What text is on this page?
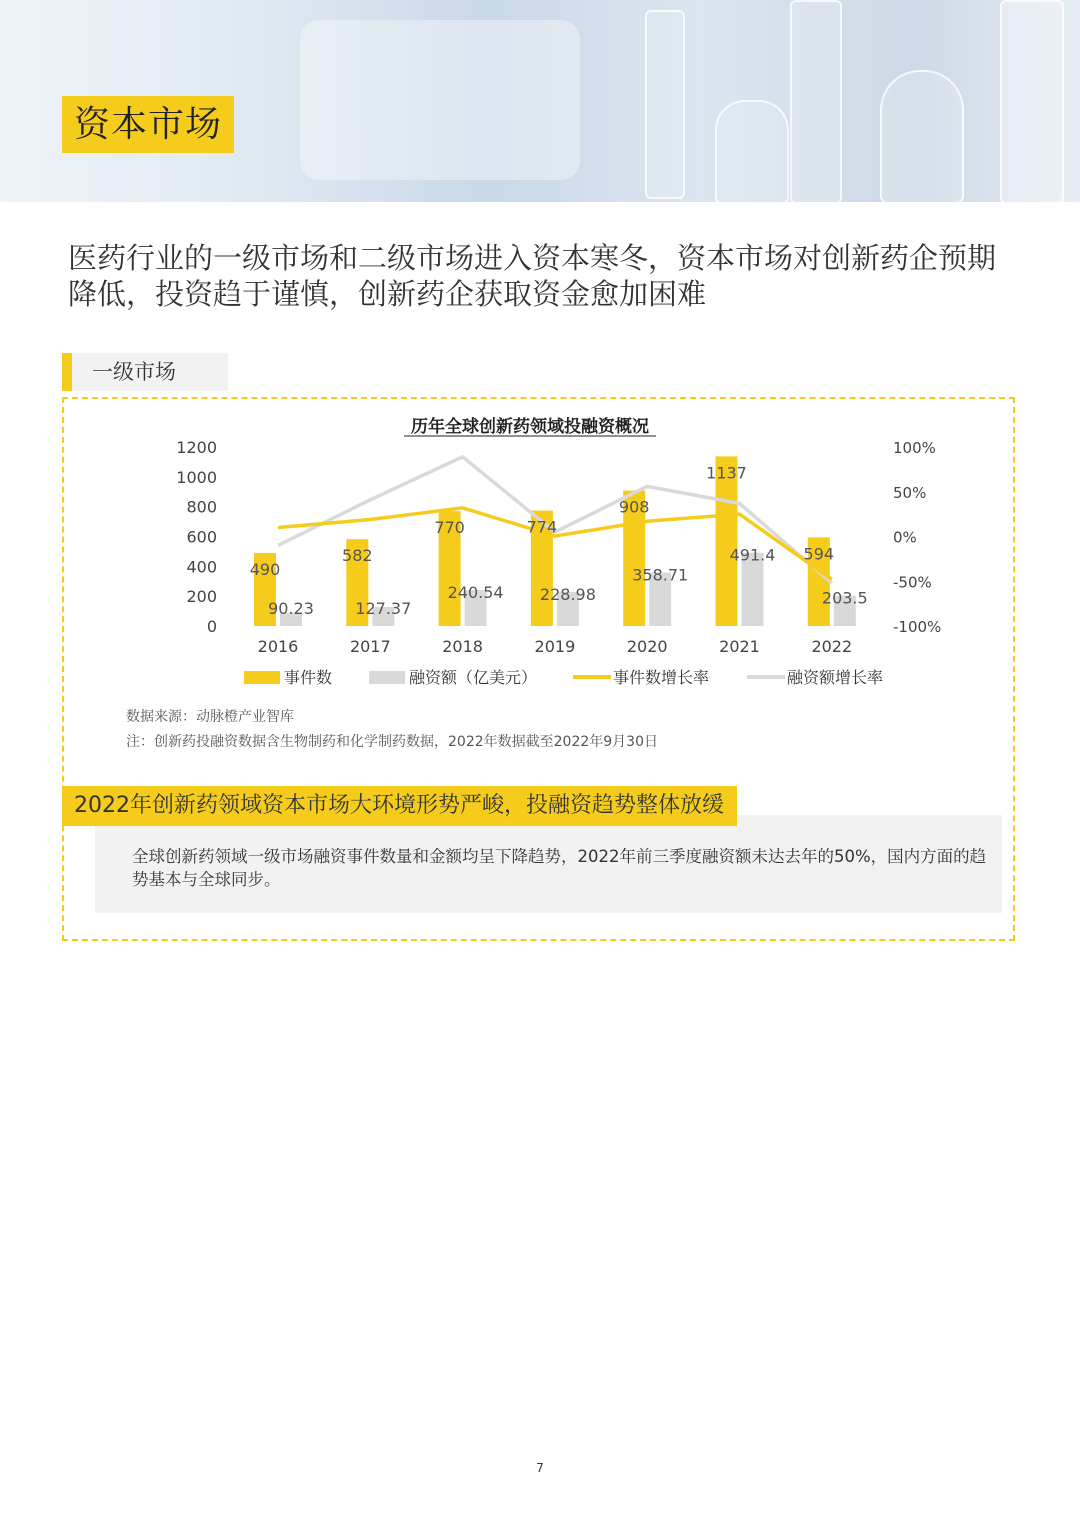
资本市场
医药行业的一级市场和二级市场进入资本寒冬，资本市场对创新药企预期降低，投资趋于谨慎，创新药企获取资金愈加困难
一级市场
历年全球创新药领域投融资概况
0
200
400
600
800
1000
1200
-100%
-50%
0%
50%
100%
490
90.23
582
127.37
770
240.54
774
228.98
908
358.71
1137
491.4 594
203.5
2016	2017	2018	2019	2020	2021	2022
事件数	融资额（亿美元）	事件数增长率	融资额增长率
数据来源：动脉橙产业智库
注：创新药投融资数据含生物制药和化学制药数据，2022年数据截至2022年9月30日
2022年创新药领域资本市场大环境形势严峻，投融资趋势整体放缓
全球创新药领域一级市场融资事件数量和金额均呈下降趋势，2022年前三季度融资额未达去年的50%，国内方面的趋势基本与全球同步。
7
